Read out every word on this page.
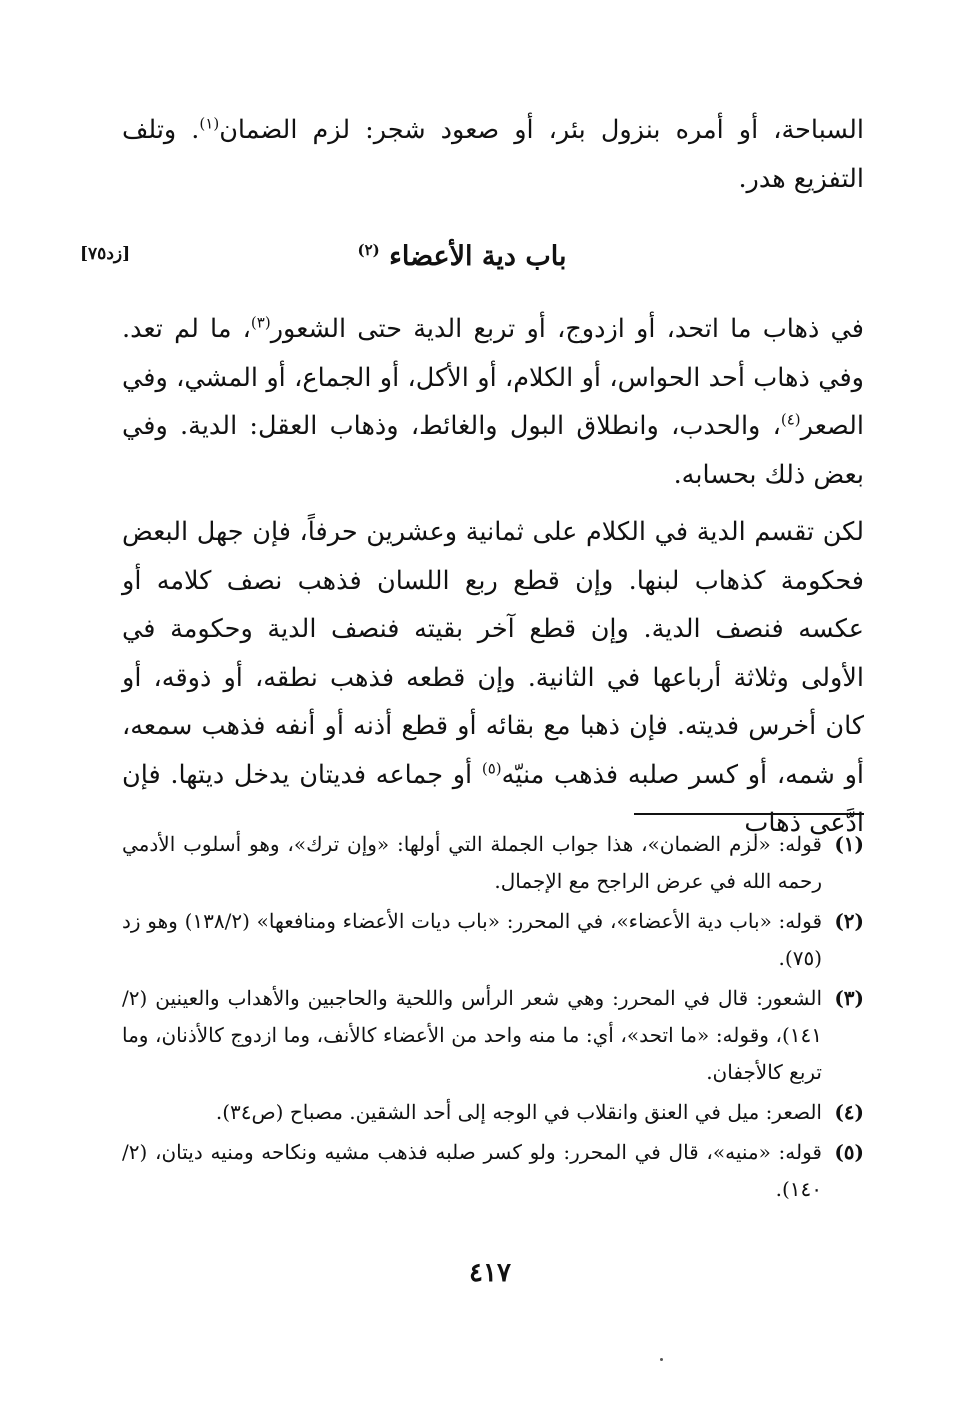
السباحة، أو أمره بنزول بئر، أو صعود شجر: لزم الضمان$^{(١)}$. وتلف التفزيع هدر.
باب دية الأعضاء $^{(٢)}$
[زد٧٥]
في ذهاب ما اتحد، أو ازدوج، أو تربع الدية حتى الشعور$^{(٣)}$، ما لم تعد. وفي ذهاب أحد الحواس، أو الكلام، أو الأكل، أو الجماع، أو المشي، وفي الصعر$^{(٤)}$، والحدب، وانطلاق البول والغائط، وذهاب العقل: الدية. وفي بعض ذلك بحسابه.
لكن تقسم الدية في الكلام على ثمانية وعشرين حرفاً، فإن جهل البعض فحكومة كذهاب لبنها. وإن قطع ربع اللسان فذهب نصف كلامه أو عكسه فنصف الدية. وإن قطع آخر بقيته فنصف الدية وحكومة في الأولى وثلاثة أرباعها في الثانية. وإن قطعه فذهب نطقه، أو ذوقه، أو كان أخرس فديته. فإن ذهبا مع بقائه أو قطع أذنه أو أنفه فذهب سمعه، أو شمه، أو كسر صلبه فذهب منيّه$^{(٥)}$ أو جماعه فديتان يدخل ديتها. فإن ادَّعى ذهاب
(١)
قوله: «لزم الضمان»، هذا جواب الجملة التي أولها: «وإن ترك»، وهو أسلوب الأدمي رحمه الله في عرض الراجح مع الإجمال.
(٢)
قوله: «باب دية الأعضاء»، في المحرر: «باب ديات الأعضاء ومنافعها» (١٣٨/٢) وهو زد (٧٥).
(٣)
الشعور: قال في المحرر: وهي شعر الرأس واللحية والحاجبين والأهداب والعينين (٢/ ١٤١)، وقوله: «ما اتحد»، أي: ما منه واحد من الأعضاء كالأنف، وما ازدوج كالأذنان، وما تربع كالأجفان.
(٤)
الصعر: ميل في العنق وانقلاب في الوجه إلى أحد الشقين. مصباح (ص٣٤).
(٥)
قوله: «منيه»، قال في المحرر: ولو كسر صلبه فذهب مشيه ونكاحه ومنيه ديتان، (٢/ ١٤٠).
٤١٧
